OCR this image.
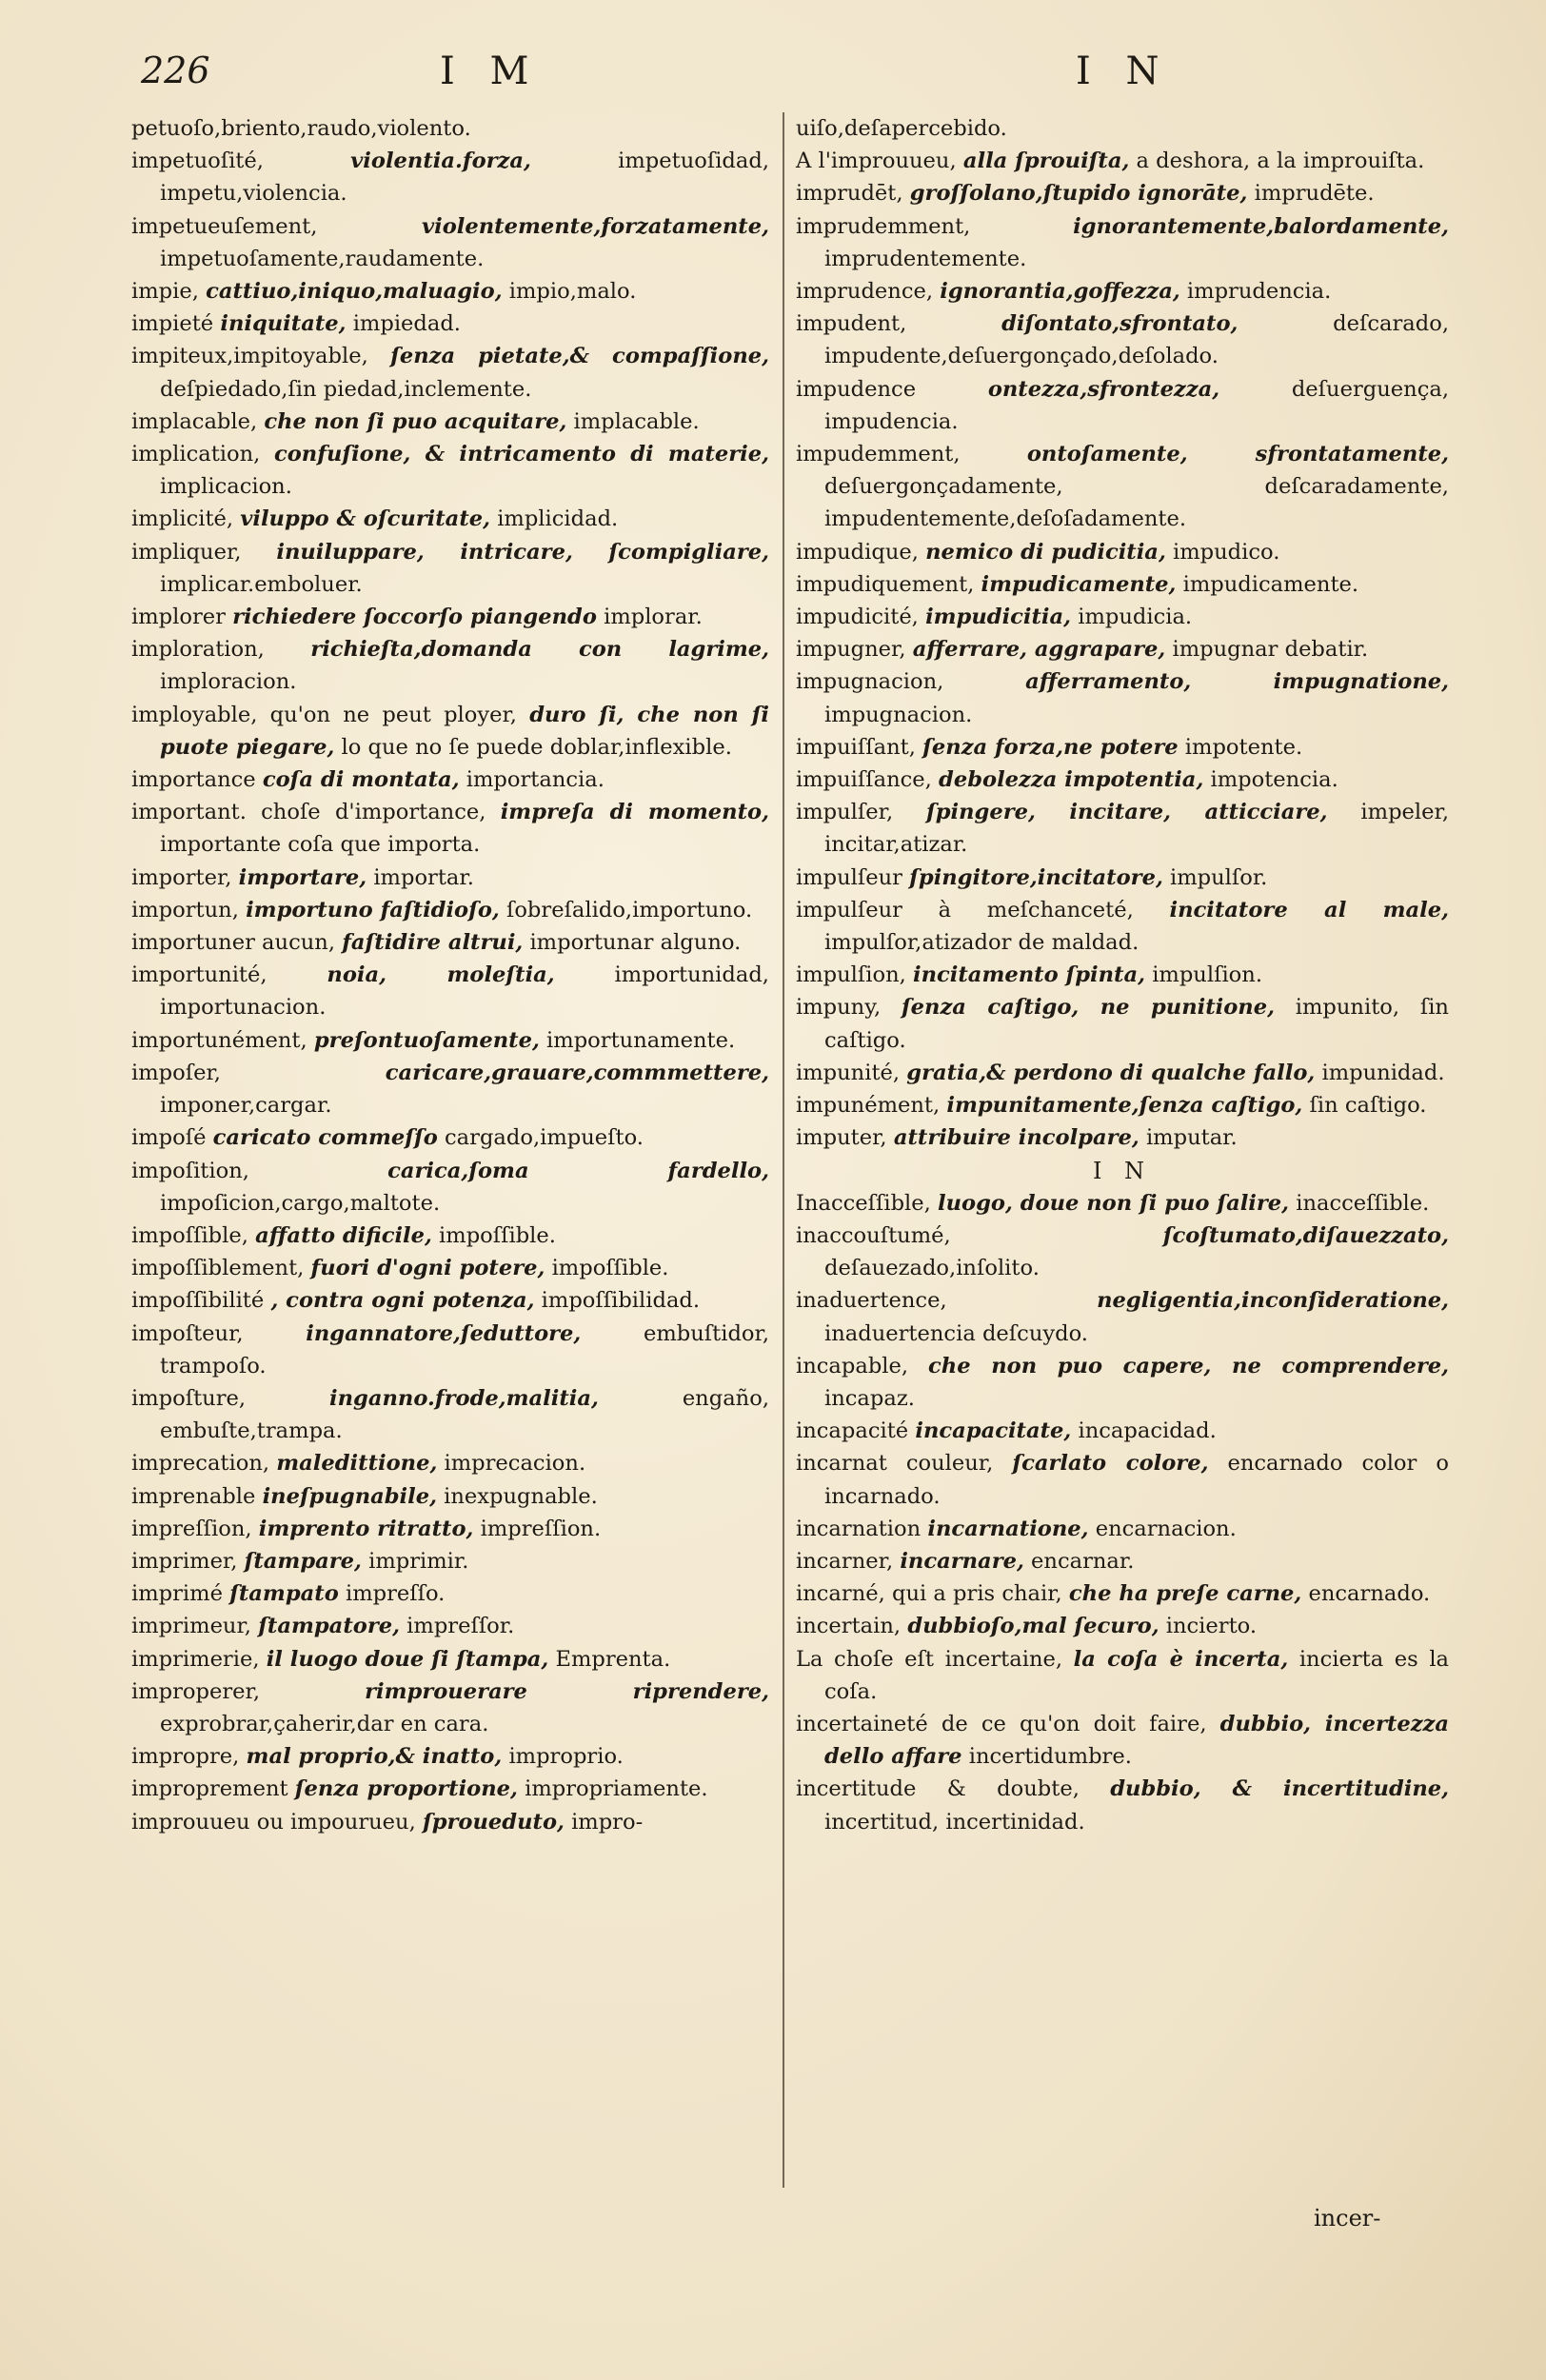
226	I M	I N

petuoſo,briento,raudo,violento.

impetuoſité,	violentia.forza,	impetuoſidad, impetu,violencia.

impetueuſement,	violentemente,forzatamente, impetuoſamente,raudamente.

impie, cattiuo,iniquo,maluagio, impio,malo.

impieté iniquitate, impiedad.

impiteux,impitoyable, ſenza pietate,& compaſſione, deſpiedado,ſin piedad,inclemente.

implacable, che non ſi puo acquitare, implacable.

implication, confuſione, & intricamento di materie, implicacion.

implicité, viluppo & oſcuritate, implicidad.

impliquer, inuiluppare, intricare, ſcompigliare, implicar.emboluer.

implorer richiedere ſoccorſo piangendo implorar.

imploration, richieſta,domanda con lagrime, imploracion.

imployable, qu'on ne peut ployer, duro ſi, che non ſi puote piegare, lo que no ſe puede doblar,inflexible.

importance coſa di montata, importancia.

important. choſe d'importance, impreſa di momento, importante coſa que importa.

importer, importare, importar.

importun, importuno faſtidioſo, ſobreſalido,importuno.

importuner aucun, faſtidire altrui, importunar alguno.

importunité,	noia, moleſtia,	importunidad, importunacion.

importunément, preſontuoſamente, importunamente.

impoſer,	caricare,grauare,commmettere, imponer,cargar.

impoſé caricato commeſſo cargado,impueſto.

impoſition,	carica,ſoma fardello, impoſicion,cargo,maltote.

impoſſible, affatto dificile, impoſſible.

impoſſiblement, fuori d'ogni potere, impoſſible.

impoſſibilité , contra ogni potenza, impoſſibilidad.

impoſteur,	ingannatore,ſeduttore,	embuſtidor, trampoſo.

impoſture,	inganno.frode,malitia,	engaño, embuſte,trampa.

imprecation, maledittione, imprecacion.

imprenable ineſpugnabile, inexpugnable.

impreſſion, imprento ritratto, impreſſion.

imprimer, ſtampare, imprimir.

imprimé ſtampato impreſſo.

imprimeur, ſtampatore, impreſſor.

imprimerie, il luogo doue ſi ſtampa, Emprenta.

improperer,	rimprouerare riprendere, exprobrar,çaherir,dar en cara.

impropre, mal proprio,& inatto, improprio.

improprement ſenza proportione, impropriamente.

improuueu ou impourueu, ſproueduto, impro-

uiſo,deſapercebido.

A l'improuueu, alla ſprouiſta, a deshora, a la improuiſta.

imprudēt, groſſolano,ſtupido ignorāte, imprudēte.

imprudemment,	ignorantemente,balordamente, imprudentemente.

imprudence, ignorantia,goffezza, imprudencia.

impudent,	diſontato,sfrontato,	deſcarado, impudente,deſuergonçado,deſolado.

impudence	ontezza,sfrontezza,	deſuerguença, impudencia.

impudemment,	ontoſamente, sfrontatamente, deſuergonçadamente, deſcaradamente, impudentemente,deſoſadamente.

impudique, nemico di pudicitia, impudico.

impudiquement, impudicamente, impudicamente.

impudicité, impudicitia, impudicia.

impugner, afferrare, aggrapare, impugnar debatir.

impugnacion,	afferramento, impugnatione, impugnacion.

impuiſſant, ſenza forza,ne potere impotente.

impuiſſance, debolezza impotentia, impotencia.

impulſer, ſpingere, incitare, atticciare, impeler, incitar,atizar.

impulſeur ſpingitore,incitatore, impulſor.

impulſeur à meſchanceté, incitatore al male, impulſor,atizador de maldad.

impulſion, incitamento ſpinta, impulſion.

impuny, ſenza caſtigo, ne punitione, impunito, ſin caſtigo.

impunité, gratia,& perdono di qualche fallo, impunidad.

impunément, impunitamente,ſenza caſtigo, ſin caſtigo.

imputer, attribuire incolpare, imputar.

I N

Inacceſſible, luogo, doue non ſi puo ſalire, inacceſſible.

inaccouſtumé,	ſcoſtumato,diſauezzato, deſauezado,inſolito.

inaduertence,	negligentia,inconſideratione, inaduertencia deſcuydo.

incapable, che non puo capere, ne comprendere, incapaz.

incapacité incapacitate, incapacidad.

incarnat couleur, ſcarlato colore, encarnado color o incarnado.

incarnation incarnatione, encarnacion.

incarner, incarnare, encarnar.

incarné, qui a pris chair, che ha preſe carne, encarnado.

incertain, dubbioſo,mal ſecuro, incierto.

La choſe eſt incertaine, la coſa è incerta, incierta es la coſa.

incertaineté de ce qu'on doit faire, dubbio, incertezza dello affare incertidumbre.

incertitude & doubte, dubbio, & incertitudine, incertitud, incertinidad.

incer-
